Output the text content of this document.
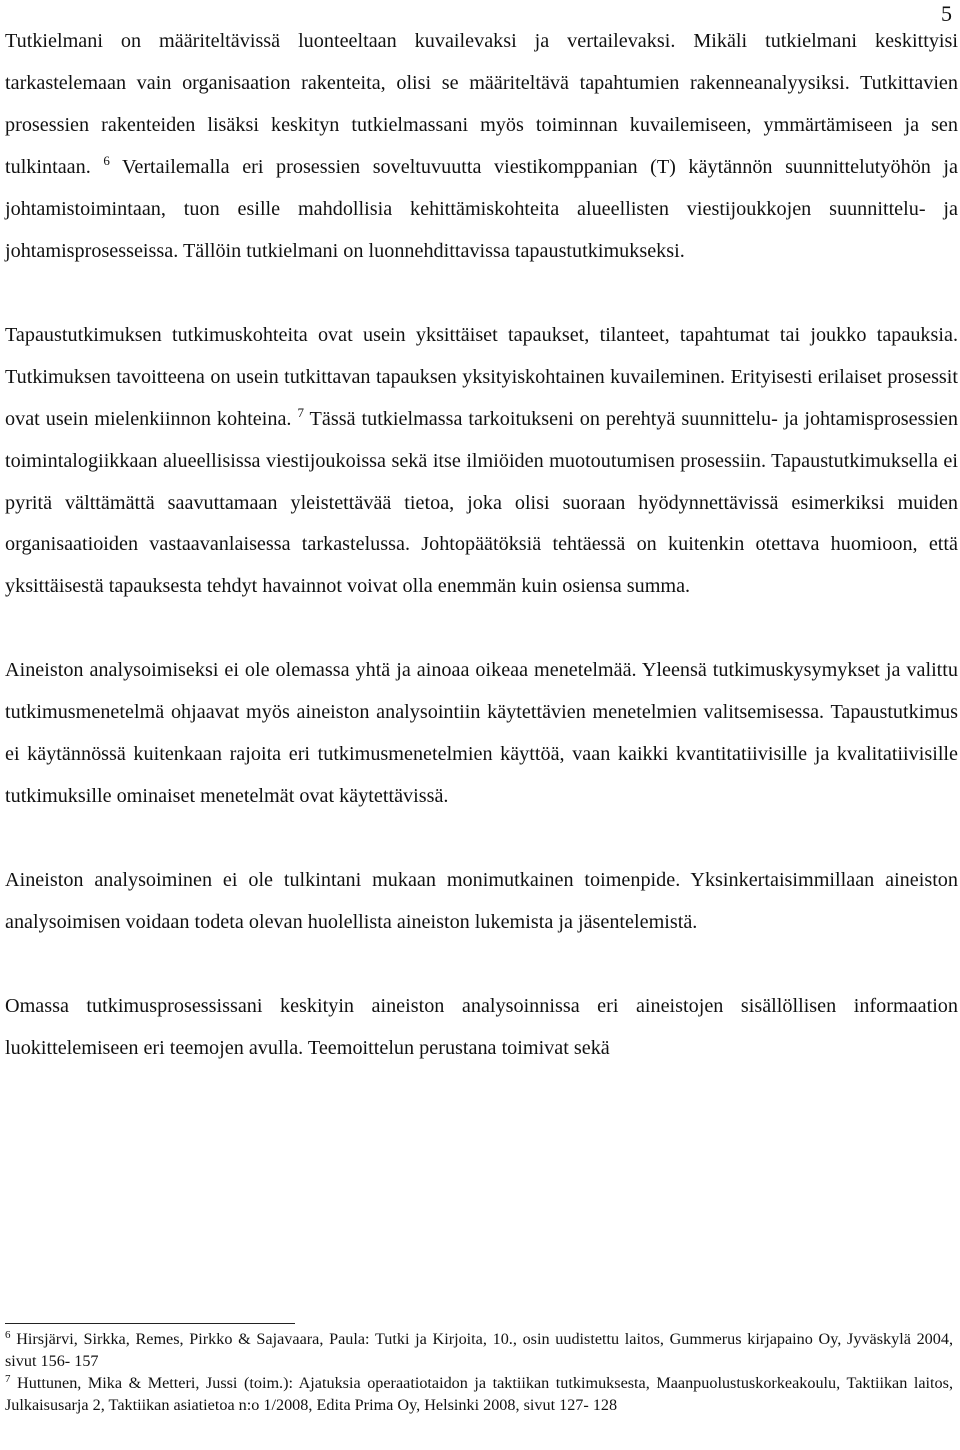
5

Tutkielmani on määriteltävissä luonteeltaan kuvailevaksi ja vertailevaksi. Mikäli tutkielmani keskittyisi tarkastelemaan vain organisaation rakenteita, olisi se määriteltävä tapahtumien rakenneanalyysiksi. Tutkittavien prosessien rakenteiden lisäksi keskityn tutkielmassani myös toiminnan kuvailemiseen, ymmärtämiseen ja sen tulkintaan. $^6$ Vertailemalla eri prosessien soveltuvuutta viestikomppanian (T) käytännön suunnittelutyöhön ja johtamistoimintaan, tuon esille mahdollisia kehittämiskohteita alueellisten viestijoukkojen suunnittelu- ja johtamisprosesseissa. Tällöin tutkielmani on luonnehdittavissa tapaustutkimukseksi.

Tapaustutkimuksen tutkimuskohteita ovat usein yksittäiset tapaukset, tilanteet, tapahtumat tai joukko tapauksia. Tutkimuksen tavoitteena on usein tutkittavan tapauksen yksityiskohtainen kuvaileminen. Erityisesti erilaiset prosessit ovat usein mielenkiinnon kohteina. $^7$ Tässä tutkielmassa tarkoitukseni on perehtyä suunnittelu- ja johtamisprosessien toimintalogiikkaan alueellisissa viestijoukoissa sekä itse ilmiöiden muotoutumisen prosessiin. Tapaustutkimuksella ei pyritä välttämättä saavuttamaan yleistettävää tietoa, joka olisi suoraan hyödynnettävissä esimerkiksi muiden organisaatioiden vastaavanlaisessa tarkastelussa. Johtopäätöksiä tehtäessä on kuitenkin otettava huomioon, että yksittäisestä tapauksesta tehdyt havainnot voivat olla enemmän kuin osiensa summa.

Aineiston analysoimiseksi ei ole olemassa yhtä ja ainoaa oikeaa menetelmää. Yleensä tutkimuskysymykset ja valittu tutkimusmenetelmä ohjaavat myös aineiston analysointiin käytettävien menetelmien valitsemisessa. Tapaustutkimus ei käytännössä kuitenkaan rajoita eri tutkimusmenetelmien käyttöä, vaan kaikki kvantitatiivisille ja kvalitatiivisille tutkimuksille ominaiset menetelmät ovat käytettävissä.

Aineiston analysoiminen ei ole tulkintani mukaan monimutkainen toimenpide. Yksinkertaisimmillaan aineiston analysoimisen voidaan todeta olevan huolellista aineiston lukemista ja jäsentelemistä.

Omassa tutkimusprosessissani keskityin aineiston analysoinnissa eri aineistojen sisällöllisen informaation luokittelemiseen eri teemojen avulla. Teemoittelun perustana toimivat sekä

$^6$ Hirsjärvi, Sirkka, Remes, Pirkko & Sajavaara, Paula: Tutki ja Kirjoita, 10., osin uudistettu laitos, Gummerus kirjapaino Oy, Jyväskylä 2004, sivut 156- 157

$^7$ Huttunen, Mika & Metteri, Jussi (toim.): Ajatuksia operaatiotaidon ja taktiikan tutkimuksesta, Maanpuolustuskorkeakoulu, Taktiikan laitos, Julkaisusarja 2, Taktiikan asiatietoa n:o 1/2008, Edita Prima Oy, Helsinki 2008, sivut 127- 128
